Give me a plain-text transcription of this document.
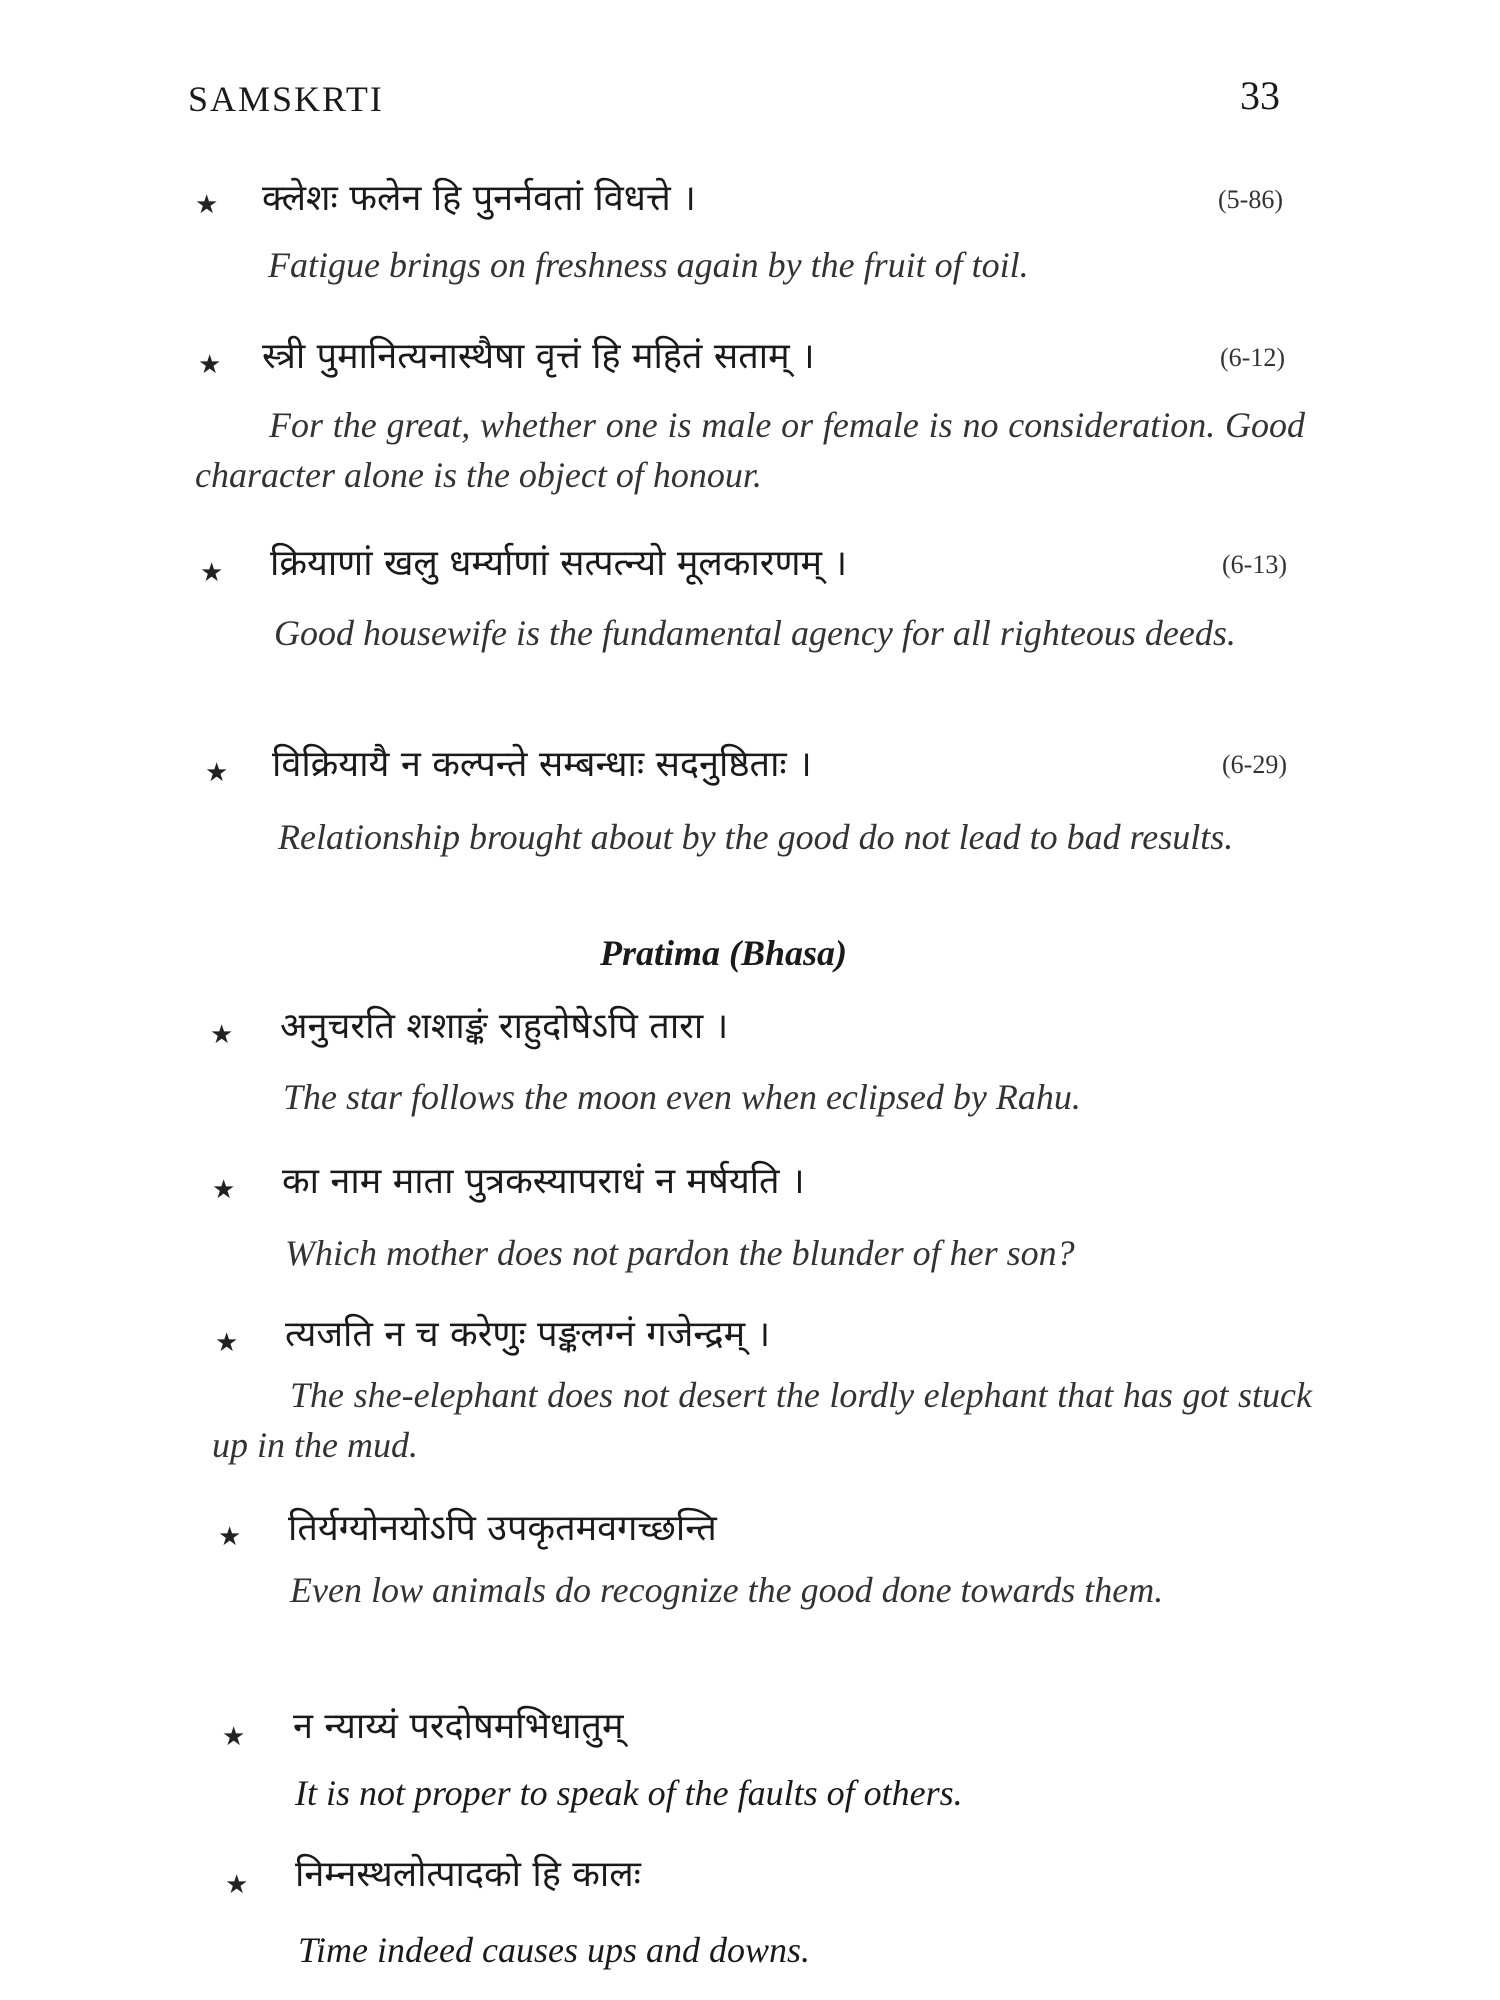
SAMSKRTI	33
★ क्लेशः फलेन हि पुनर्नवतां विधत्ते ।	(5-86)
Fatigue brings on freshness again by the fruit of toil.
★ स्त्री पुमानित्यनास्थैषा वृत्तं हि महितं सताम् ।	(6-12)
For the great, whether one is male or female is no consideration. Good character alone is the object of honour.
★ क्रियाणां खलु धर्म्याणां सत्पत्न्यो मूलकारणम् ।	(6-13)
Good housewife is the fundamental agency for all righteous deeds.
★ विक्रियायै न कल्पन्ते सम्बन्धाः सदनुष्ठिताः ।	(6-29)
Relationship brought about by the good do not lead to bad results.
Pratima (Bhasa)
★ अनुचरति शशाङ्कं राहुदोषेऽपि तारा ।
The star follows the moon even when eclipsed by Rahu.
★ का नाम माता पुत्रकस्यापराधं न मर्षयति ।
Which mother does not pardon the blunder of her son?
★ त्यजति न च करेणुः पङ्कलग्नं गजेन्द्रम् ।
The she-elephant does not desert the lordly elephant that has got stuck up in the mud.
★ तिर्यग्योनयोऽपि उपकृतमवगच्छन्ति
Even low animals do recognize the good done towards them.
★ न न्याय्यं परदोषमभिधातुम्
It is not proper to speak of the faults of others.
★ निम्नस्थलोत्पादको हि कालः
Time indeed causes ups and downs.
